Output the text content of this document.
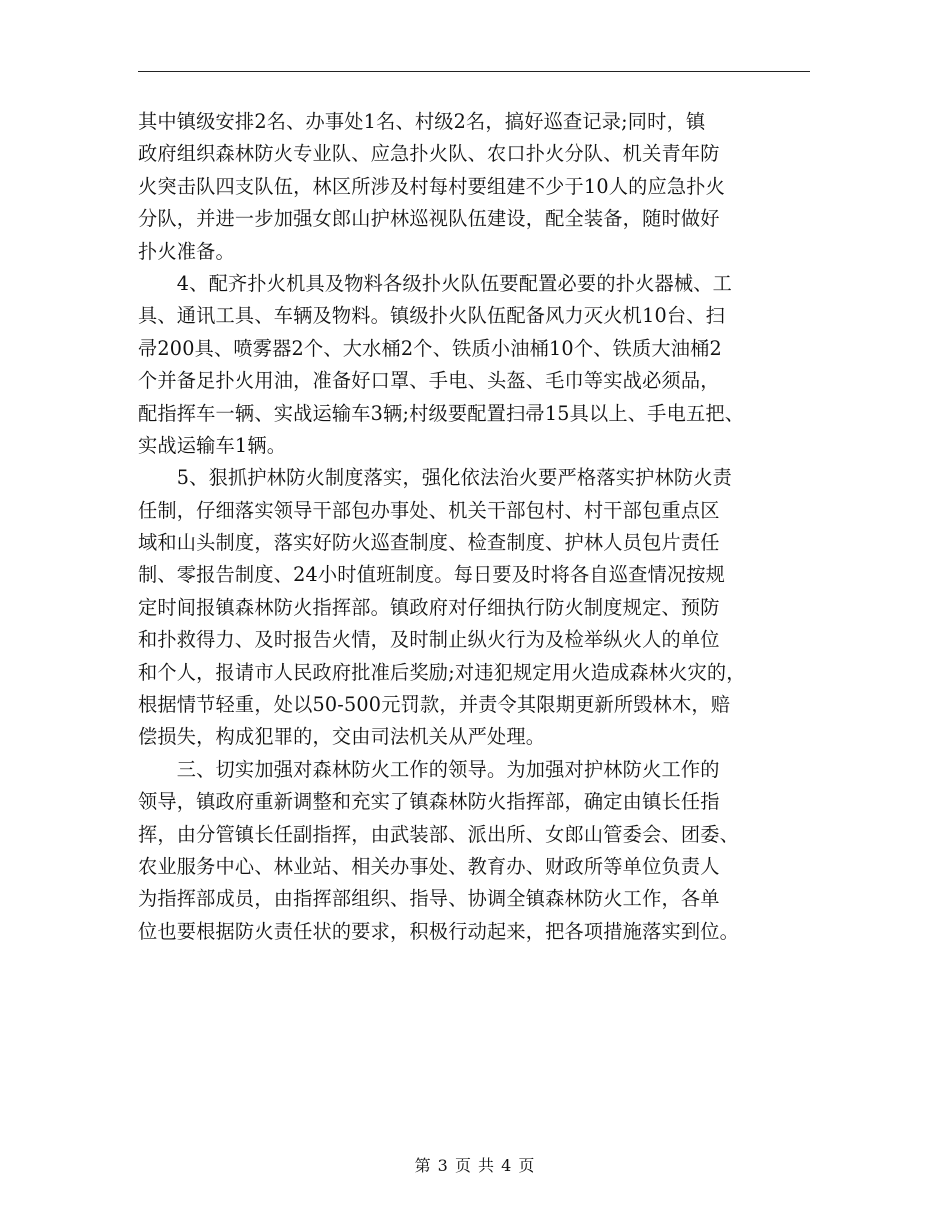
其中镇级安排2名、办事处1名、村级2名，搞好巡查记录;同时，镇
政府组织森林防火专业队、应急扑火队、农口扑火分队、机关青年防
火突击队四支队伍，林区所涉及村每村要组建不少于10人的应急扑火
分队，并进一步加强女郎山护林巡视队伍建设，配全装备，随时做好
扑火准备。
　　4、配齐扑火机具及物料各级扑火队伍要配置必要的扑火器械、工
具、通讯工具、车辆及物料。镇级扑火队伍配备风力灭火机10台、扫
帚200具、喷雾器2个、大水桶2个、铁质小油桶10个、铁质大油桶2
个并备足扑火用油，准备好口罩、手电、头盔、毛巾等实战必须品，
配指挥车一辆、实战运输车3辆;村级要配置扫帚15具以上、手电五把、
实战运输车1辆。
　　5、狠抓护林防火制度落实，强化依法治火要严格落实护林防火责
任制，仔细落实领导干部包办事处、机关干部包村、村干部包重点区
域和山头制度，落实好防火巡查制度、检查制度、护林人员包片责任
制、零报告制度、24小时值班制度。每日要及时将各自巡查情况按规
定时间报镇森林防火指挥部。镇政府对仔细执行防火制度规定、预防
和扑救得力、及时报告火情，及时制止纵火行为及检举纵火人的单位
和个人，报请市人民政府批准后奖励;对违犯规定用火造成森林火灾的，
根据情节轻重，处以50-500元罚款，并责令其限期更新所毁林木，赔
偿损失，构成犯罪的，交由司法机关从严处理。
　　三、切实加强对森林防火工作的领导。为加强对护林防火工作的
领导，镇政府重新调整和充实了镇森林防火指挥部，确定由镇长任指
挥，由分管镇长任副指挥，由武装部、派出所、女郎山管委会、团委、
农业服务中心、林业站、相关办事处、教育办、财政所等单位负责人
为指挥部成员，由指挥部组织、指导、协调全镇森林防火工作，各单
位也要根据防火责任状的要求，积极行动起来，把各项措施落实到位。
第 3 页 共 4 页
